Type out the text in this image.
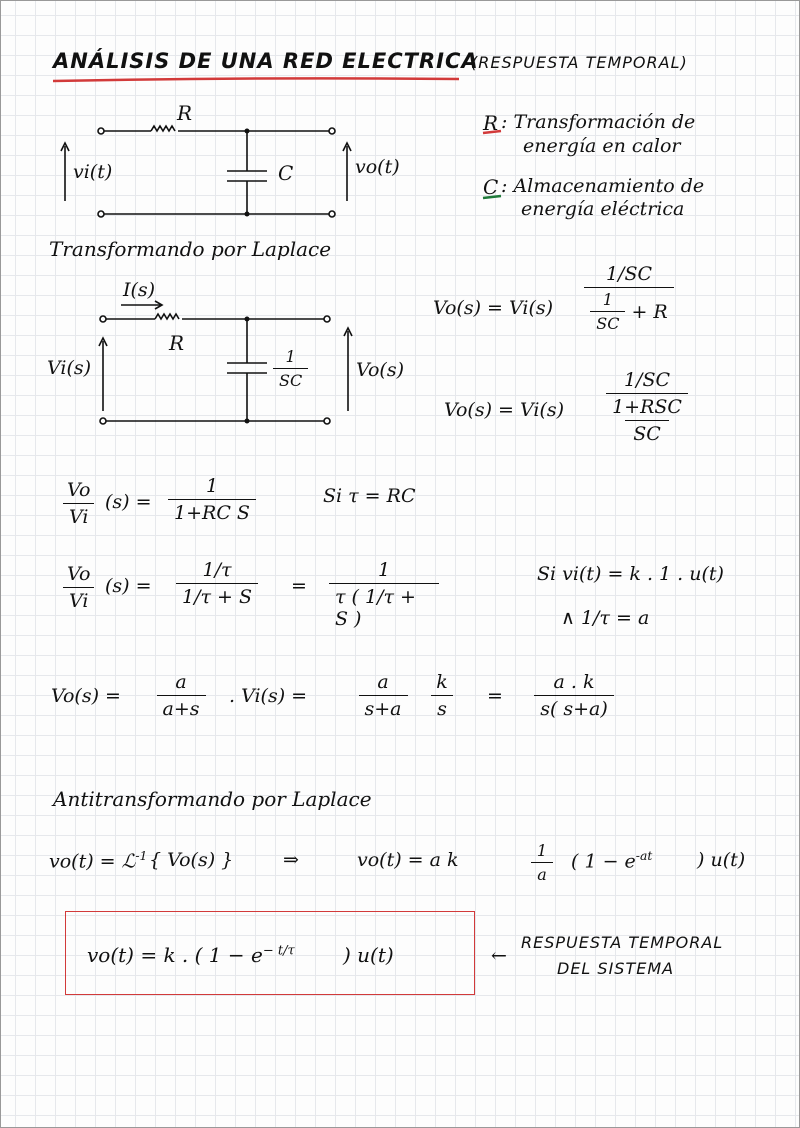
ANÁLISIS DE UNA RED ELECTRICA
(RESPUESTA TEMPORAL)
R
C
vi(t)	vo(t)
R : Transformación de
energía en calor
C : Almacenamiento de
energía eléctrica
Transformando por Laplace
I(s)
R
$\frac{1}{SC}$
Vi(s)	Vo(s)
$Vo(s) = Vi(s) \frac{1/SC}{\frac{1}{SC} + R}$
Vo(s) = Vi(s)
1/SC
1+RSC
SC
$\frac{Vo}{Vi} (s) = \frac{1}{\text{1+RC S}}$	Si τ = RC
$\frac{Vo}{Vi} (s) = \frac{1/\tau}{1/\tau + S} = \frac{1}{\tau ( 1/\tau + S )}$	Si vi(t) = k . 1 . u(t)
∧ 1/τ = a
$Vo(s) = \frac{a}{a+s}$ . $Vi(s) = \frac{a}{s+a} \frac{k}{s} = \frac{a . k}{s( s+a)}$
Antitransformando por Laplace
vo(t) = ℒ$^{-1}$ { Vo(s) }	⇒	vo(t) = a k	$\frac{1}{a}$ ( $1 - e^{-at}$ ) u(t)
vo(t) = k . ( $1 - e^{- t/\tau}$ ) u(t)	←
RESPUESTA TEMPORAL
DEL SISTEMA
